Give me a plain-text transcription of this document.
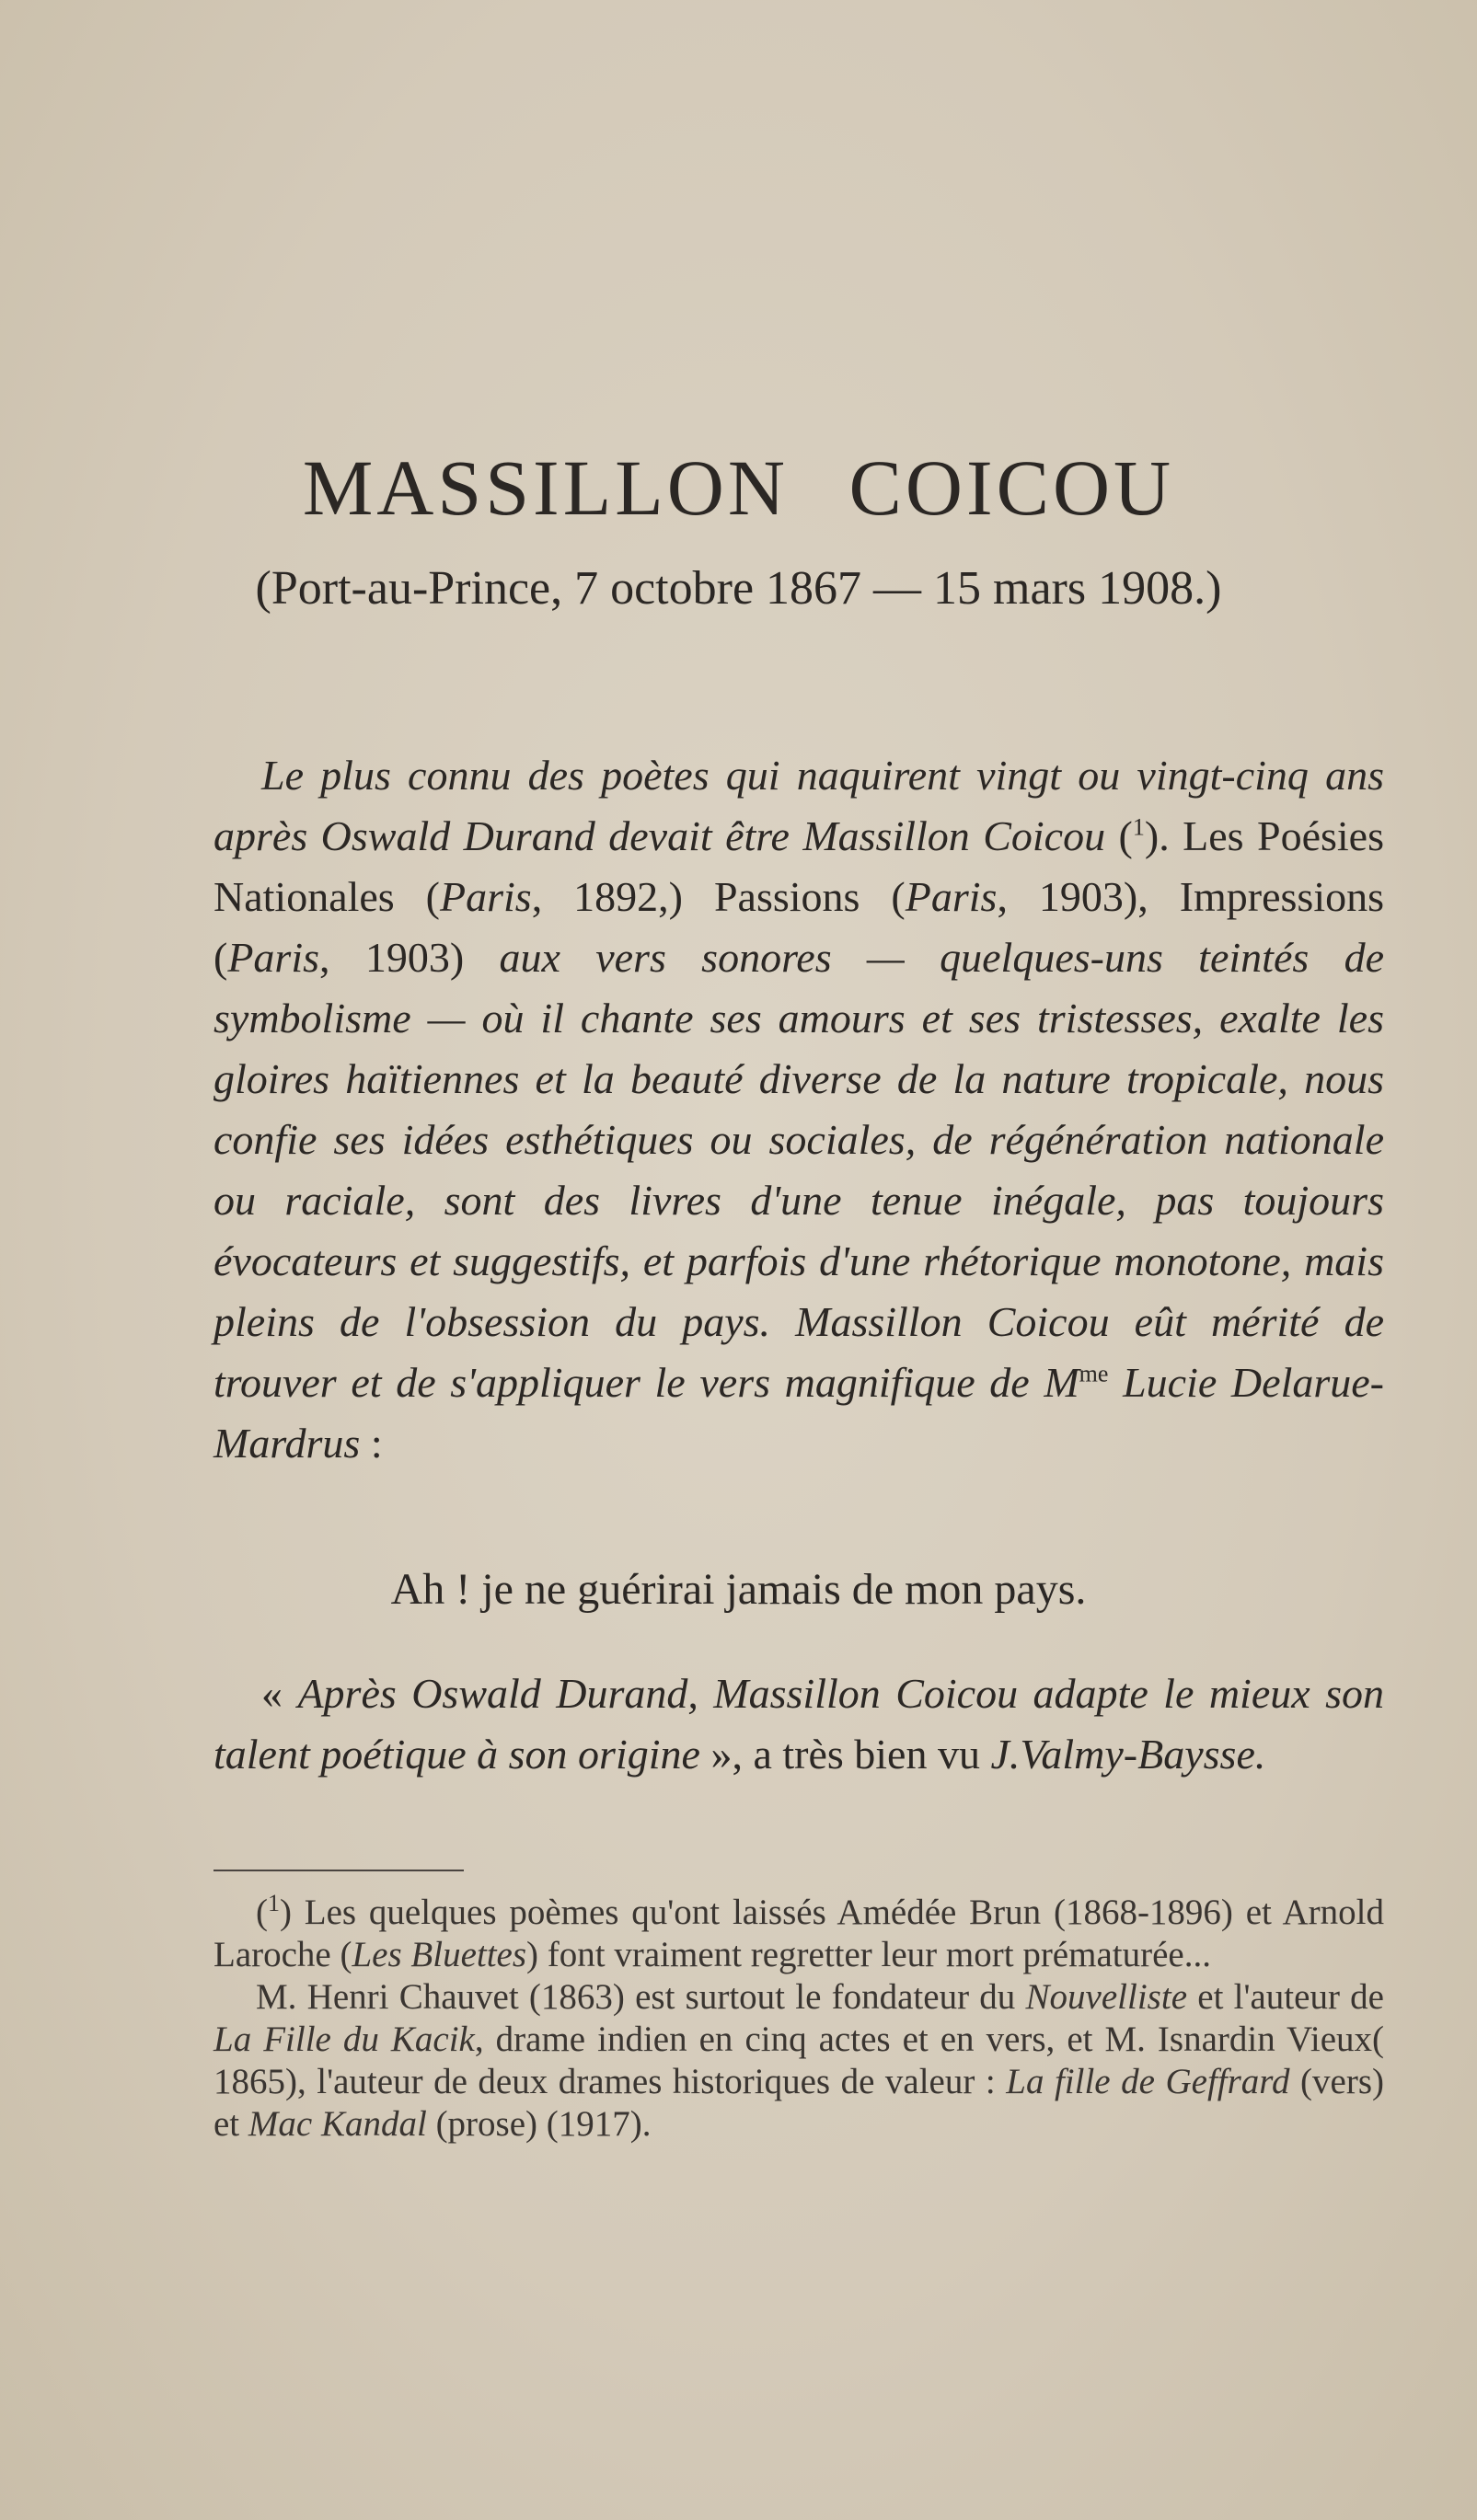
MASSILLON COICOU

(Port-au-Prince, 7 octobre 1867 — 15 mars 1908.)

Le plus connu des poètes qui naquirent vingt ou vingt-cinq ans après Oswald Durand devait être Massillon Coicou ($^1$). Les Poésies Nationales (Paris, 1892,) Passions (Paris, 1903), Impressions (Paris, 1903) aux vers sonores — quelques-uns teintés de symbolisme — où il chante ses amours et ses tristesses, exalte les gloires haïtiennes et la beauté diverse de la nature tropicale, nous confie ses idées esthétiques ou sociales, de régénération nationale ou raciale, sont des livres d'une tenue inégale, pas toujours évocateurs et suggestifs, et parfois d'une rhétorique monotone, mais pleins de l'obsession du pays. Massillon Coicou eût mérité de trouver et de s'appliquer le vers magnifique de $M^{me}$ Lucie Delarue-Mardrus :

Ah ! je ne guérirai jamais de mon pays.

« Après Oswald Durand, Massillon Coicou adapte le mieux son talent poétique à son origine », a très bien vu J.Valmy-Baysse.

($^1$) Les quelques poèmes qu'ont laissés Amédée Brun (1868-1896) et Arnold Laroche (Les Bluettes) font vraiment regretter leur mort prématurée...

M. Henri Chauvet (1863) est surtout le fondateur du Nouvelliste et l'auteur de La Fille du Kacik, drame indien en cinq actes et en vers, et M. Isnardin Vieux( 1865), l'auteur de deux drames historiques de valeur : La fille de Geffrard (vers) et Mac Kandal (prose) (1917).
